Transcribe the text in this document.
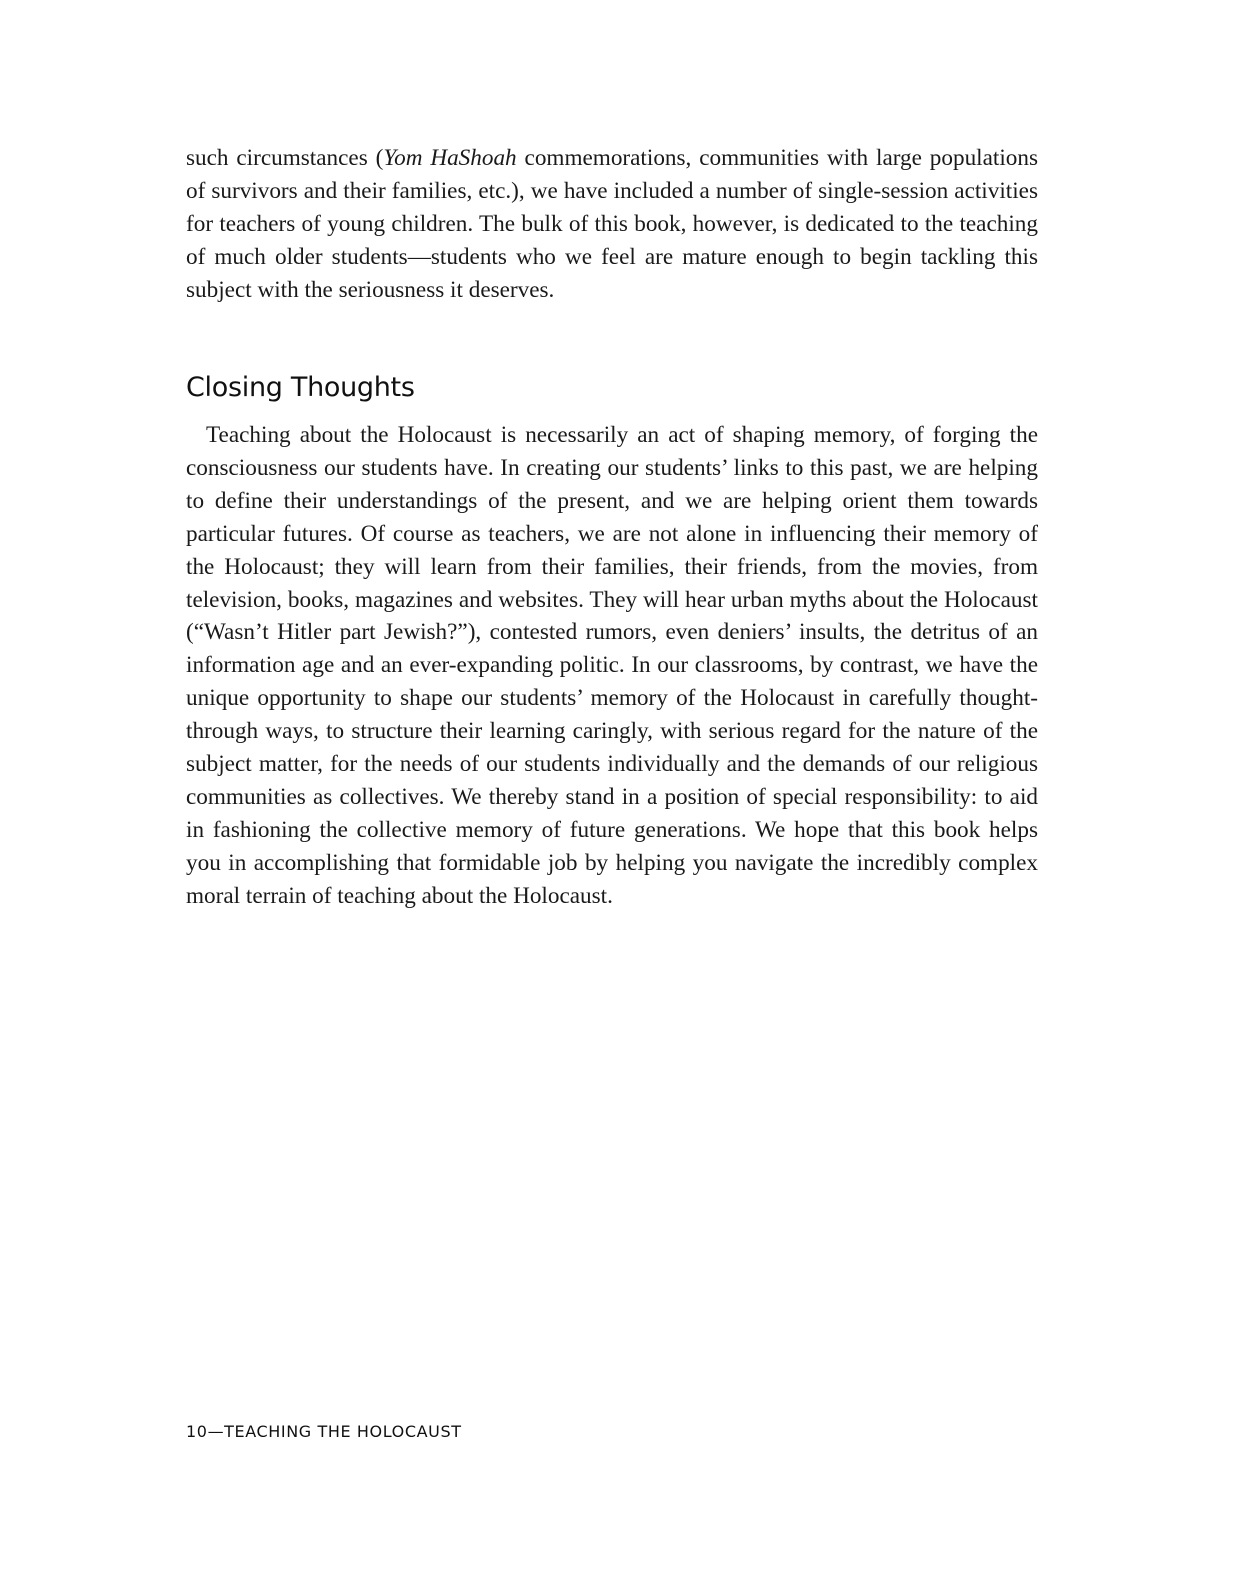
such circumstances (Yom HaShoah commemorations, communities with large populations of survivors and their families, etc.), we have included a number of single-session activities for teachers of young children. The bulk of this book, however, is dedicated to the teaching of much older students—students who we feel are mature enough to begin tackling this subject with the seriousness it deserves.

Closing Thoughts

Teaching about the Holocaust is necessarily an act of shaping memory, of forging the consciousness our students have. In creating our students’ links to this past, we are helping to define their understandings of the present, and we are helping orient them towards particular futures. Of course as teachers, we are not alone in influencing their memory of the Holocaust; they will learn from their families, their friends, from the movies, from television, books, magazines and websites. They will hear urban myths about the Holocaust (“Wasn’t Hitler part Jewish?”), contested rumors, even deniers’ insults, the detritus of an information age and an ever-expanding politic. In our classrooms, by contrast, we have the unique opportunity to shape our students’ memory of the Holocaust in carefully thought-through ways, to structure their learning caringly, with serious regard for the nature of the subject matter, for the needs of our students individually and the demands of our religious communities as collectives. We thereby stand in a position of special responsibility: to aid in fashioning the collective memory of future generations. We hope that this book helps you in accomplishing that formidable job by helping you navigate the incredibly complex moral terrain of teaching about the Holocaust.

10—TEACHING THE HOLOCAUST
